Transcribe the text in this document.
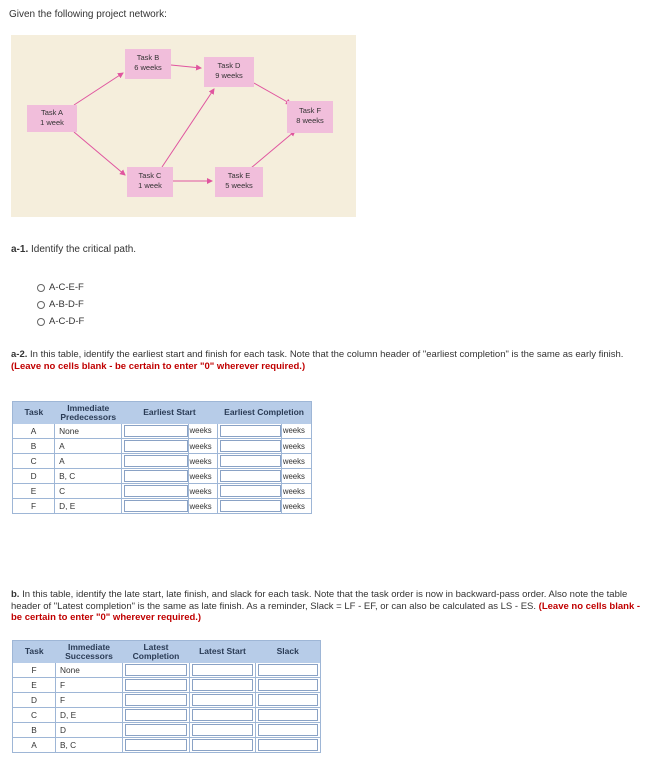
Given the following project network:
Task A
1 week
Task B
6 weeks
Task C
1 week
Task D
9 weeks
Task E
5 weeks
Task F
8 weeks
a-1. Identify the critical path.
A-C-E-F
A-B-D-F
A-C-D-F
a-2. In this table, identify the earliest start and finish for each task. Note that the column header of "earliest completion" is the same as early finish. (Leave no cells blank - be certain to enter "0" wherever required.)
Task	Immediate Predecessors	Earliest Start		Earliest Completion	
A	None		weeks		weeks
B	A		weeks		weeks
C	A		weeks		weeks
D	B, C		weeks		weeks
E	C		weeks		weeks
F	D, E		weeks		weeks
b. In this table, identify the late start, late finish, and slack for each task. Note that the task order is now in backward-pass order. Also note the table header of "Latest completion" is the same as late finish. As a reminder, Slack = LF - EF, or can also be calculated as LS - ES. (Leave no cells blank - be certain to enter "0" wherever required.)
Task	Immediate Successors	Latest Completion	Latest Start	Slack
F	None	

E	F	

D	F	

C	D, E	

B	D	

A	B, C	
